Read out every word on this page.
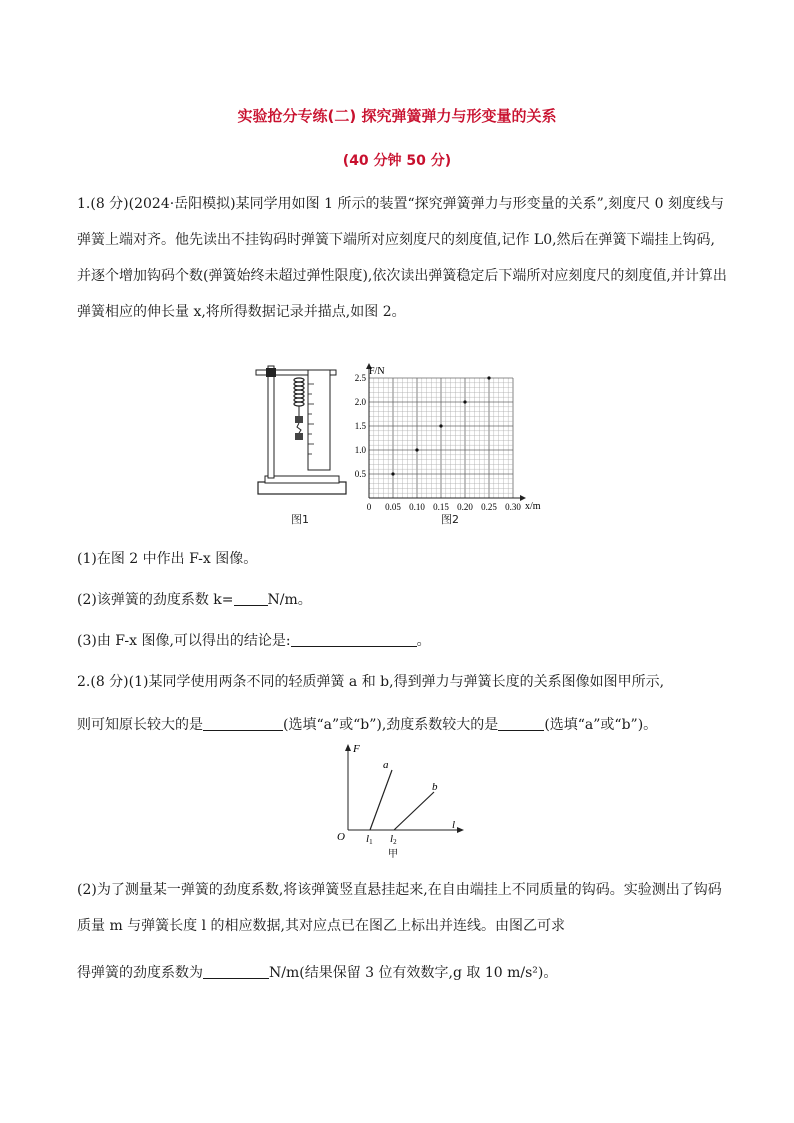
实验抢分专练(二) 探究弹簧弹力与形变量的关系
(40 分钟 50 分)

1.(8 分)(2024·岳阳模拟)某同学用如图 1 所示的装置“探究弹簧弹力与形变量的关系”,刻度尺 0 刻度线与弹簧上端对齐。他先读出不挂钩码时弹簧下端所对应刻度尺的刻度值,记作 L0,然后在弹簧下端挂上钩码,并逐个增加钩码个数(弹簧始终未超过弹性限度),依次读出弹簧稳定后下端所对应刻度尺的刻度值,并计算出弹簧相应的伸长量 x,将所得数据记录并描点,如图 2。

图1
0 0.05 0.10 0.15 0.20 0.25 0.30
0.5
1.0
1.5
2.0
2.5
F/N
x/m
图2
(1)在图 2 中作出 F-x 图像。
(2)该弹簧的劲度系数 k= N/m。
(3)由 F-x 图像,可以得出的结论是:	。
2.(8 分)(1)某同学使用两条不同的轻质弹簧 a 和 b,得到弹力与弹簧长度的关系图像如图甲所示,
则可知原长较大的是	(选填“a”或“b”),劲度系数较大的是	(选填“a”或“b”)。
F
O
a
b
l
l1 l2
甲

(2)为了测量某一弹簧的劲度系数,将该弹簧竖直悬挂起来,在自由端挂上不同质量的钩码。实验测出了钩码质量 m 与弹簧长度 l 的相应数据,其对应点已在图乙上标出并连线。由图乙可求

得弹簧的劲度系数为	N/m(结果保留 3 位有效数字,g 取 10 m/s²)。
